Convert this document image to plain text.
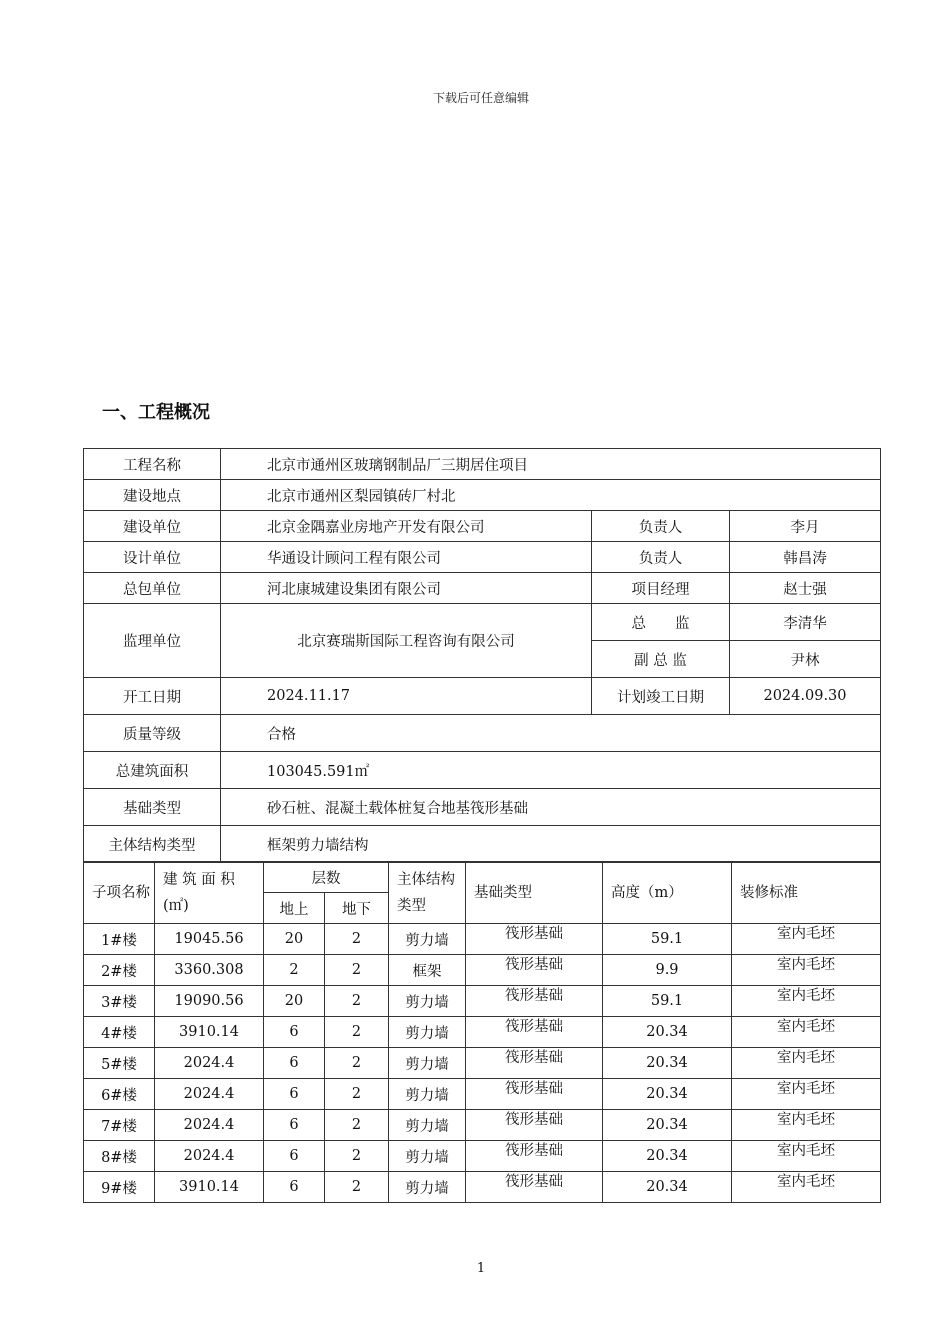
下载后可任意编辑
一、工程概况
工程名称	北京市通州区玻璃钢制品厂三期居住项目		
建设地点	北京市通州区梨园镇砖厂村北		
建设单位	北京金隅嘉业房地产开发有限公司	负责人	李月
设计单位	华通设计顾问工程有限公司	负责人	韩昌涛
总包单位	河北康城建设集团有限公司	项目经理	赵士强
监理单位	北京赛瑞斯国际工程咨询有限公司	总　　监	李清华
		副 总 监	尹林
开工日期	2024.11.17	计划竣工日期	2024.09.30
质量等级	合格		
总建筑面积	103045.591㎡		
基础类型	砂石桩、混凝土载体桩复合地基筏形基础		
主体结构类型	框架剪力墙结构		
子项名称	建 筑 面 积(㎡)	层数		主体结构类型	基础类型	高度（m）	装修标准
		地上	地下				
1#楼	19045.56	20	2	剪力墙	筏形基础	59.1	室内毛坯
2#楼	3360.308	2	2	框架	筏形基础	9.9	室内毛坯
3#楼	19090.56	20	2	剪力墙	筏形基础	59.1	室内毛坯
4#楼	3910.14	6	2	剪力墙	筏形基础	20.34	室内毛坯
5#楼	2024.4	6	2	剪力墙	筏形基础	20.34	室内毛坯
6#楼	2024.4	6	2	剪力墙	筏形基础	20.34	室内毛坯
7#楼	2024.4	6	2	剪力墙	筏形基础	20.34	室内毛坯
8#楼	2024.4	6	2	剪力墙	筏形基础	20.34	室内毛坯
9#楼	3910.14	6	2	剪力墙	筏形基础	20.34	室内毛坯
1
